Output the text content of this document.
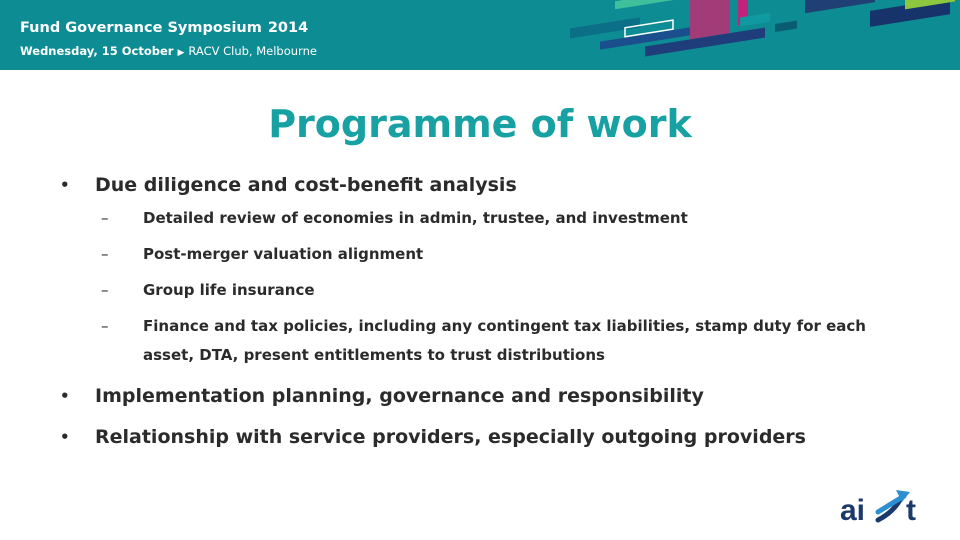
Fund Governance Symposium 2014
Wednesday, 15 October ▶ RACV Club, Melbourne
Programme of work
• Due diligence and cost-benefit analysis
– Detailed review of economies in admin, trustee, and investment
– Post-merger valuation alignment
– Group life insurance
– Finance and tax policies, including any contingent tax liabilities, stamp duty for each asset, DTA, present entitlements to trust distributions
• Implementation planning, governance and responsibility
• Relationship with service providers, especially outgoing providers
ai t
